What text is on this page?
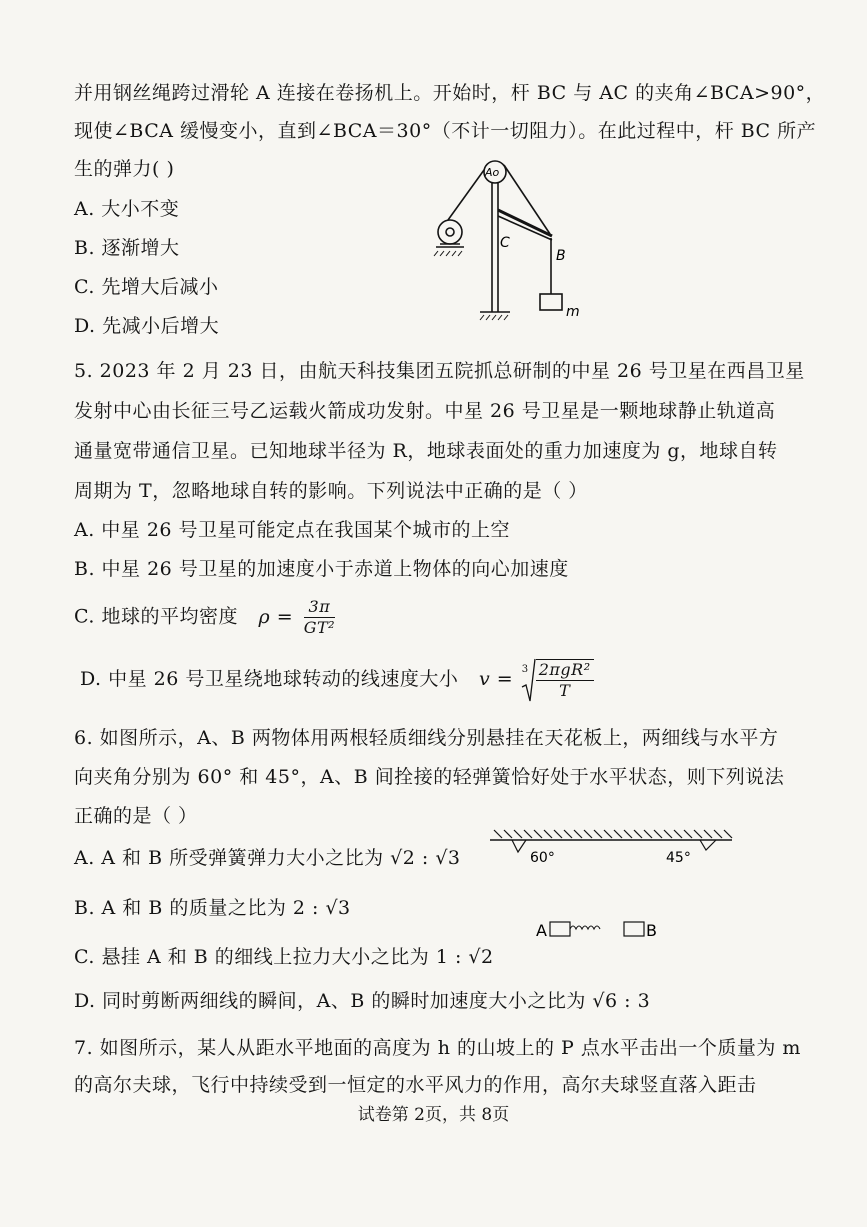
并用钢丝绳跨过滑轮 A 连接在卷扬机上。开始时，杆 BC 与 AC 的夹角∠BCA>90°，
现使∠BCA 缓慢变小，直到∠BCA＝30°（不计一切阻力）。在此过程中，杆 BC 所产
生的弹力( )
A. 大小不变
B. 逐渐增大
C. 先增大后减小
D. 先减小后增大
Ao
C
B
m
5. 2023 年 2 月 23 日，由航天科技集团五院抓总研制的中星 26 号卫星在西昌卫星
发射中心由长征三号乙运载火箭成功发射。中星 26 号卫星是一颗地球静止轨道高
通量宽带通信卫星。已知地球半径为 R，地球表面处的重力加速度为 g，地球自转
周期为 T，忽略地球自转的影响。下列说法中正确的是（ ）
A. 中星 26 号卫星可能定点在我国某个城市的上空
B. 中星 26 号卫星的加速度小于赤道上物体的向心加速度
C. 地球的平均密度 $\rho = \frac{3\pi}{\text{GT²}}$
D. 中星 26 号卫星绕地球转动的线速度大小 $v = 3 \frac{\text{2πgR²}}{T}$
6. 如图所示，A、B 两物体用两根轻质细线分别悬挂在天花板上，两细线与水平方
向夹角分别为 60° 和 45°，A、B 间拴接的轻弹簧恰好处于水平状态，则下列说法
正确的是（ ）
A. A 和 B 所受弹簧弹力大小之比为 √2 : √3
B. A 和 B 的质量之比为 2 : √3
C. 悬挂 A 和 B 的细线上拉力大小之比为 1 : √2
D. 同时剪断两细线的瞬间，A、B 的瞬时加速度大小之比为 √6 : 3
60°	45°
A	B
7. 如图所示，某人从距水平地面的高度为 h 的山坡上的 P 点水平击出一个质量为 m
的高尔夫球，飞行中持续受到一恒定的水平风力的作用，高尔夫球竖直落入距击
试卷第 2页，共 8页
